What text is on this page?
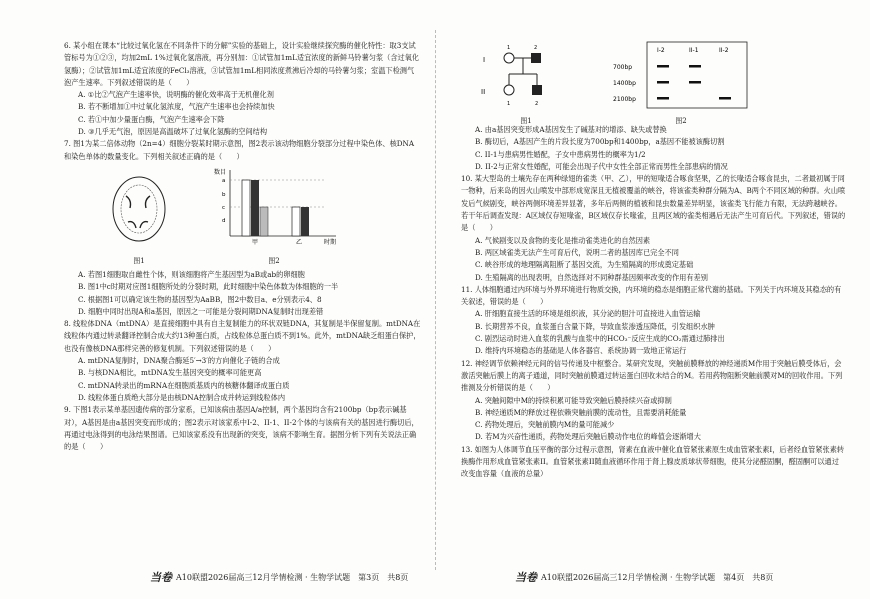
6. 某小组在课本“比较过氧化氢在不同条件下的分解”实验的基础上，设计实验继续探究酶的催化特性：取3支试管标号为①②③，均加2mL 1%过氧化氢溶液，再分别加：①试管加1mL适宜浓度的新鲜马铃薯匀浆（含过氧化氢酶）；②试管加1mL适宜浓度的FeCl₃溶液，③试管加1mL相同浓度煮沸后冷却的马铃薯匀浆；室温下检测气泡产生速率。下列叙述错误的是（　　）

A. ①比②气泡产生速率快，说明酶的催化效率高于无机催化剂

B. 若不断增加①中过氧化氢浓度，气泡产生速率也会持续加快

C. 若①中加少量蛋白酶，气泡产生速率会下降

D. ③几乎无气泡，原因是高温破坏了过氧化氢酶的空间结构

7. 图1为某二倍体动物（2n=4）细胞分裂某时期示意图，图2表示该动物细胞分裂部分过程中染色体、核DNA和染色单体的数量变化。下列相关叙述正确的是（　　）

图1
数目
a
b
c
d
甲	乙	时期
图2

A. 若图1细胞取自雌性个体，则该细胞将产生基因型为aB或ab的卵细胞

B. 图1中c时期对应图1细胞所处的分裂时期，此时细胞中染色体数为体细胞的一半

C. 根据图1可以确定该生物的基因型为AaBB，图2中数目a、e分别表示4、8

D. 细胞中同时出现A和a基因，原因之一可能是分裂间期DNA复制时出现差错

8. 线粒体DNA（mtDNA）是直接细胞中具有自主复制能力的环状双链DNA，其复制是半保留复制。mtDNA在线粒体内通过转录翻译控制合成大约13种蛋白质，占线粒体总蛋白质不到1%。此外，mtDNA缺乏组蛋白保护，也没有像核DNA那样完善的修复机制。下列叙述错误的是（　　）

A. mtDNA复制时，DNA聚合酶延5′→3′的方向催化子链的合成

B. 与核DNA相比，mtDNA发生基因突变的概率可能更高

C. mtDNA转录出的mRNA在细胞质基质内的核糖体翻译成蛋白质

D. 线粒体蛋白质绝大部分是由核DNA控制合成并转运到线粒体内

9. 下图1表示某单基因遗传病的部分家系，已知该病由基因A/a控制，两个基因均含有2100bp（bp表示碱基对），A基因是由a基因突变而形成的；图2表示对该家系中I-2、II-1、II-2个体的与该病有关的基因进行酶切后，再通过电泳得到的电泳结果图谱。已知该家系没有出现新的突变，该病不影响生育。据图分析下列有关说法正确的是（　　）

当卷 A10联盟2026届高三12月学情检测 · 生物学试题　第3页　共8页
I
II
1	2
1	2
图1
I-2	II-1	II-2
700bp
1400bp
2100bp
图2

A. 由a基因突变形成A基因发生了碱基对的增添、缺失或替换

B. 酶切后，A基因产生的片段长度为700bp和1400bp，a基因不能被该酶切割

C. II-1与患病男性婚配，子女中患病男性的概率为1/2

D. II-2与正常女性婚配，可能会出现子代中女性全部正常而男性全部患病的情况

10. 某大型岛的土壤先存在两种绿翅的雀类（甲、乙），甲的短喙适合啄食坚果，乙的长喙适合啄食昆虫，二者最初属于同一物种，后来岛的因火山喷发中部形成宽深且无植被覆盖的峡谷，将该雀类种群分隔为A、B两个不同区域的种群。火山喷发后气候剧变，峡谷两侧环境差异显著，多年后两侧的植被和昆虫数量差异明显，该雀类飞行能力有限，无法跨越峡谷。若干年后调查发现：A区域仅存短喙雀，B区域仅存长喙雀，且两区域的雀类相遇后无法产生可育后代。下列叙述，错误的是（　　）

A. 气候剧变以及食物的变化是推动雀类进化的自然因素

B. 两区域雀类无法产生可育后代，说明二者的基因库已完全不同

C. 峡谷形成的地理隔离阻断了基因交流，为生殖隔离的形成奠定基础

D. 生殖隔离的出现表明，自然选择对不同种群基因频率改变的作用有差别

11. 人体细胞通过内环境与外界环境进行物质交换，内环境的稳态是细胞正常代谢的基础。下列关于内环境及其稳态的有关叙述，错误的是（　　）

A. 肝细胞直接生活的环境是组织液，其分泌的胆汁可直接进入血管运输

B. 长期营养不良，血浆蛋白含量下降，导致血浆渗透压降低，引发组织水肿

C. 剧烈运动时进入血浆的乳酸与血浆中的HCO₃⁻反应生成的CO₂需通过肺排出

D. 维持内环境稳态的基础是人体各器官、系统协调一致地正常运行

12. 神经调节依赖神经元间的信号传递及中枢整合。某研究发现，突触前膜释放的神经递质M作用于突触后膜受体后，会激活突触后膜上的离子通道，同时突触前膜通过转运蛋白回收未结合的M。若用药物阻断突触前膜对M的回收作用。下列推测及分析错误的是（　　）

A. 突触间隙中M的持续积累可能导致突触后膜持续兴奋或抑制

B. 神经递质M的释放过程依赖突触前膜的流动性，且需要消耗能量

C. 药物处理后，突触前膜内M的量可能减少

D. 若M为兴奋性递质，药物处理后突触后膜动作电位的峰值会逐渐增大

13. 如图为人体调节血压平衡的部分过程示意图，肾素在血液中催化血管紧张素原生成血管紧张素I，后者经血管紧张素转换酶作用形成血管紧张素II。血管紧张素II随血液循环作用于肾上腺皮质球状带细胞，使其分泌醛固酮，醛固酮可以通过改变血容量（血液的总量）

当卷 A10联盟2026届高三12月学情检测 · 生物学试题　第4页　共8页
